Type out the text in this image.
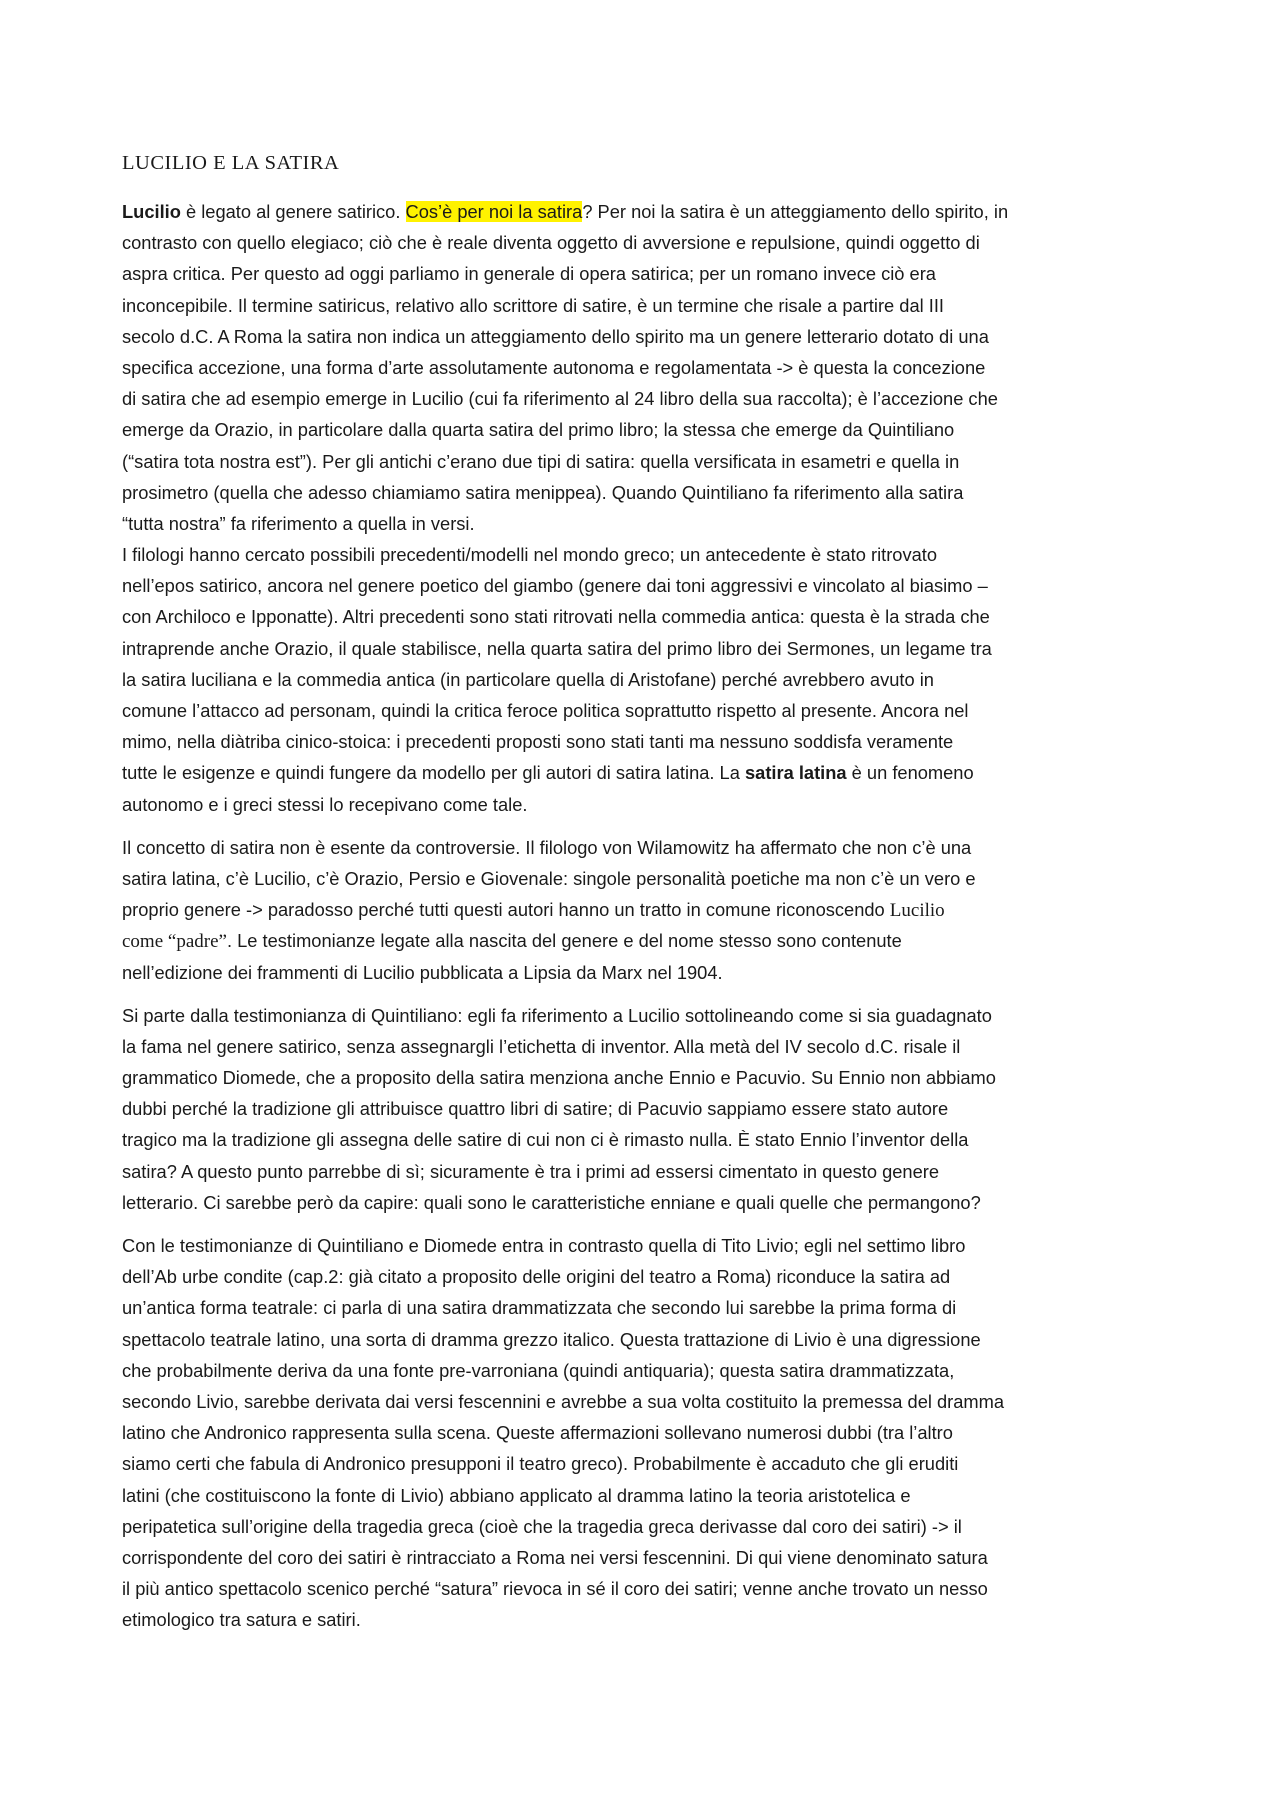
LUCILIO E LA SATIRA
Lucilio è legato al genere satirico. Cos’è per noi la satira? Per noi la satira è un atteggiamento dello spirito, in
contrasto con quello elegiaco; ciò che è reale diventa oggetto di avversione e repulsione, quindi oggetto di
aspra critica. Per questo ad oggi parliamo in generale di opera satirica; per un romano invece ciò era
inconcepibile. Il termine satiricus, relativo allo scrittore di satire, è un termine che risale a partire dal III
secolo d.C. A Roma la satira non indica un atteggiamento dello spirito ma un genere letterario dotato di una
specifica accezione, una forma d’arte assolutamente autonoma e regolamentata -> è questa la concezione
di satira che ad esempio emerge in Lucilio (cui fa riferimento al 24 libro della sua raccolta); è l’accezione che
emerge da Orazio, in particolare dalla quarta satira del primo libro; la stessa che emerge da Quintiliano
(“satira tota nostra est”). Per gli antichi c’erano due tipi di satira: quella versificata in esametri e quella in
prosimetro (quella che adesso chiamiamo satira menippea). Quando Quintiliano fa riferimento alla satira
“tutta nostra” fa riferimento a quella in versi.
I filologi hanno cercato possibili precedenti/modelli nel mondo greco; un antecedente è stato ritrovato
nell’epos satirico, ancora nel genere poetico del giambo (genere dai toni aggressivi e vincolato al biasimo –
con Archiloco e Ipponatte). Altri precedenti sono stati ritrovati nella commedia antica: questa è la strada che
intraprende anche Orazio, il quale stabilisce, nella quarta satira del primo libro dei Sermones, un legame tra
la satira luciliana e la commedia antica (in particolare quella di Aristofane) perché avrebbero avuto in
comune l’attacco ad personam, quindi la critica feroce politica soprattutto rispetto al presente. Ancora nel
mimo, nella diàtriba cinico-stoica: i precedenti proposti sono stati tanti ma nessuno soddisfa veramente
tutte le esigenze e quindi fungere da modello per gli autori di satira latina. La satira latina è un fenomeno
autonomo e i greci stessi lo recepivano come tale.
Il concetto di satira non è esente da controversie. Il filologo von Wilamowitz ha affermato che non c’è una
satira latina, c’è Lucilio, c’è Orazio, Persio e Giovenale: singole personalità poetiche ma non c’è un vero e
proprio genere -> paradosso perché tutti questi autori hanno un tratto in comune riconoscendo Lucilio
come “padre”. Le testimonianze legate alla nascita del genere e del nome stesso sono contenute
nell’edizione dei frammenti di Lucilio pubblicata a Lipsia da Marx nel 1904.
Si parte dalla testimonianza di Quintiliano: egli fa riferimento a Lucilio sottolineando come si sia guadagnato
la fama nel genere satirico, senza assegnargli l’etichetta di inventor. Alla metà del IV secolo d.C. risale il
grammatico Diomede, che a proposito della satira menziona anche Ennio e Pacuvio. Su Ennio non abbiamo
dubbi perché la tradizione gli attribuisce quattro libri di satire; di Pacuvio sappiamo essere stato autore
tragico ma la tradizione gli assegna delle satire di cui non ci è rimasto nulla. È stato Ennio l’inventor della
satira? A questo punto parrebbe di sì; sicuramente è tra i primi ad essersi cimentato in questo genere
letterario. Ci sarebbe però da capire: quali sono le caratteristiche enniane e quali quelle che permangono?
Con le testimonianze di Quintiliano e Diomede entra in contrasto quella di Tito Livio; egli nel settimo libro
dell’Ab urbe condite (cap.2: già citato a proposito delle origini del teatro a Roma) riconduce la satira ad
un’antica forma teatrale: ci parla di una satira drammatizzata che secondo lui sarebbe la prima forma di
spettacolo teatrale latino, una sorta di dramma grezzo italico. Questa trattazione di Livio è una digressione
che probabilmente deriva da una fonte pre-varroniana (quindi antiquaria); questa satira drammatizzata,
secondo Livio, sarebbe derivata dai versi fescennini e avrebbe a sua volta costituito la premessa del dramma
latino che Andronico rappresenta sulla scena. Queste affermazioni sollevano numerosi dubbi (tra l’altro
siamo certi che fabula di Andronico presupponi il teatro greco). Probabilmente è accaduto che gli eruditi
latini (che costituiscono la fonte di Livio) abbiano applicato al dramma latino la teoria aristotelica e
peripatetica sull’origine della tragedia greca (cioè che la tragedia greca derivasse dal coro dei satiri) -> il
corrispondente del coro dei satiri è rintracciato a Roma nei versi fescennini. Di qui viene denominato satura
il più antico spettacolo scenico perché “satura” rievoca in sé il coro dei satiri; venne anche trovato un nesso
etimologico tra satura e satiri.
